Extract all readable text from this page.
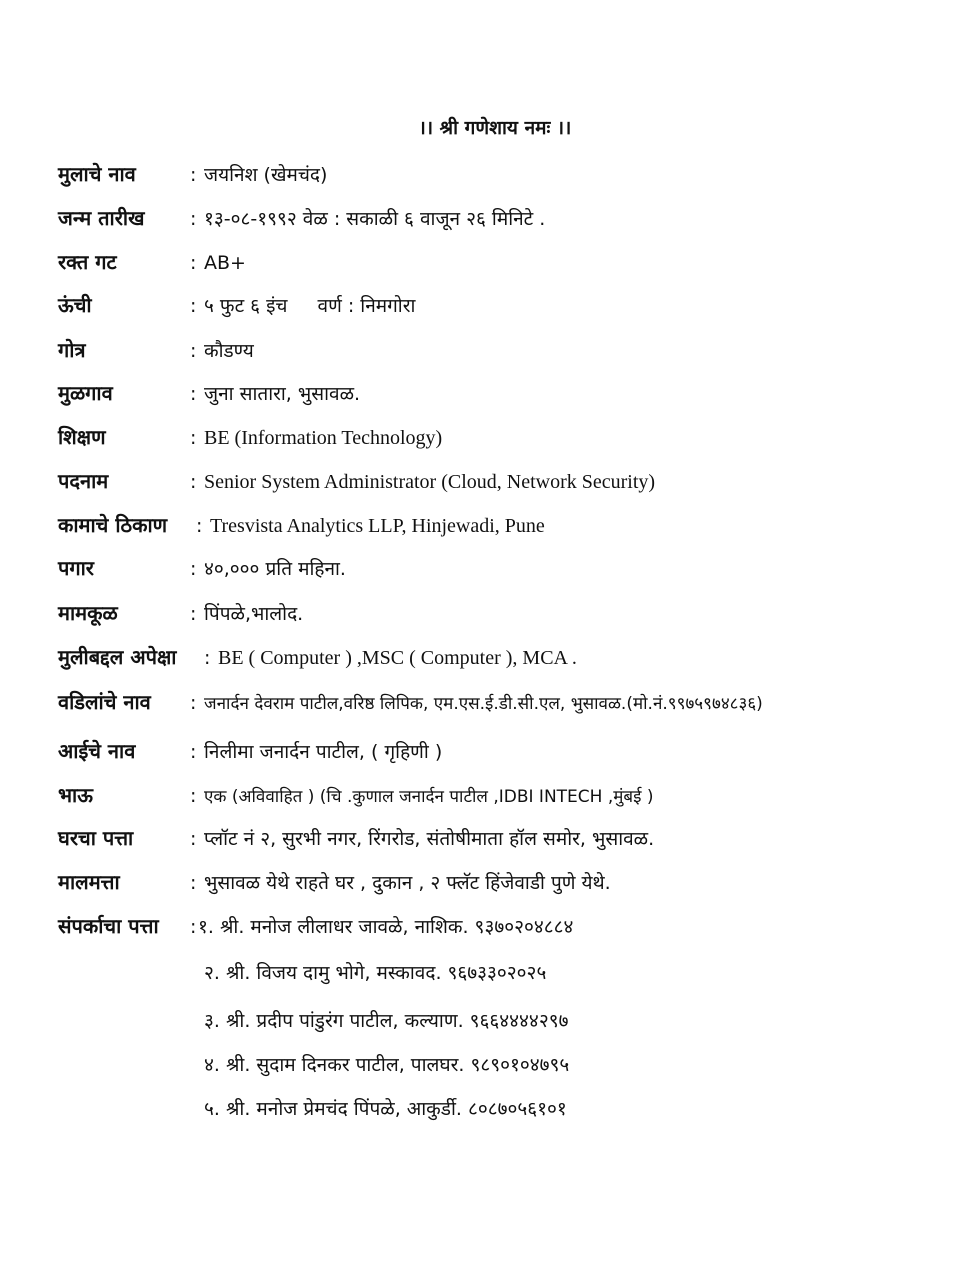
।। श्री गणेशाय नमः ।।
मुलाचे नाव	: जयनिश (खेमचंद)
जन्म तारीख : १३-०८-१९९२ वेळ : सकाळी ६ वाजून २६ मिनिटे .
रक्त गट	: AB+
ऊंची	: ५ फुट ६ इंच वर्ण : निमगोरा
गोत्र	: कौडण्य
मुळगाव	: जुना सातारा, भुसावळ.
शिक्षण	: BE (Information Technology)
पदनाम	: Senior System Administrator (Cloud, Network Security)
कामाचे ठिकाण : Tresvista Analytics LLP, Hinjewadi, Pune
पगार	: ४०,००० प्रति महिना.
मामकूळ	: पिंपळे,भालोद.
मुलीबद्दल अपेक्षा : BE ( Computer ) ,MSC ( Computer ), MCA .
वडिलांचे नाव : जनार्दन देवराम पाटील,वरिष्ठ लिपिक, एम.एस.ई.डी.सी.एल, भुसावळ.(मो.नं.९९७५९७४८३६)
आईचे नाव	: निलीमा जनार्दन पाटील, ( गृहिणी )
भाऊ	: एक (अविवाहित ) (चि .कुणाल जनार्दन पाटील ,IDBI INTECH ,मुंबई )
घरचा पत्ता	: प्लॉट नं २, सुरभी नगर, रिंगरोड, संतोषीमाता हॉल समोर, भुसावळ.
मालमत्ता	: भुसावळ येथे राहते घर , दुकान , २ फ्लॅट हिंजेवाडी पुणे येथे.
संपर्काचा पत्ता :१. श्री. मनोज लीलाधर जावळे, नाशिक. ९३७०२०४८८४
२. श्री. विजय दामु भोगे, मस्कावद. ९६७३३०२०२५
३. श्री. प्रदीप पांडुरंग पाटील, कल्याण. ९६६४४४४२९७
४. श्री. सुदाम दिनकर पाटील, पालघर. ९८९०१०४७९५
५. श्री. मनोज प्रेमचंद पिंपळे, आकुर्डी. ८०८७०५६१०१
